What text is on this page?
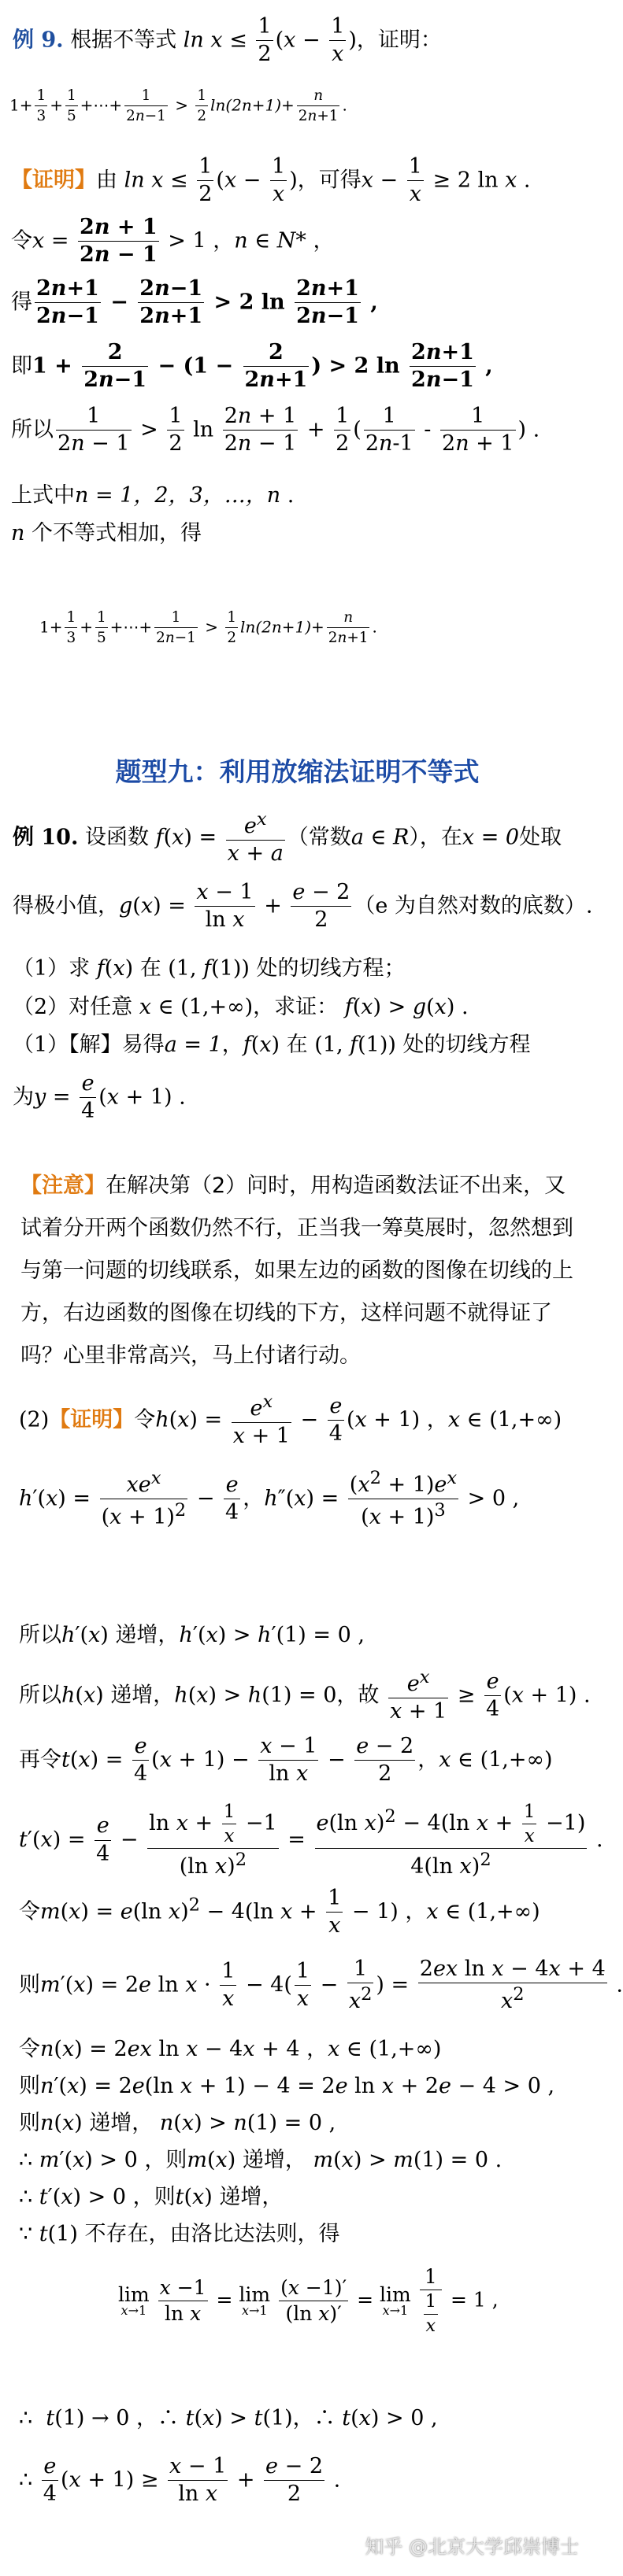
例 9. 根据不等式 $\ln x \le \frac{1}{2} (x - \frac{1}{x}$ )，证明：
$1+ \frac{1}{3} + \frac{1}{5}$ +⋯+ $\frac{1}{2n-1} > \frac{1}{2} \ln(2n+1)+ \frac{n}{2n+1}$ .
【证明】由 $\ln x \le \frac{1}{2} (x - \frac{1}{x}$ )，可得$x - \frac{1}{x} \ge 2$ ln x .
令$x = \frac{2n + 1}{2n - 1} > 1$ ，n ∈ N* ，
得 $\frac{2n+1}{2n-1} - \frac{2n-1}{2n+1} > 2$ $\ln \frac{2n+1}{2n-1}$ ,
即$1 + \frac{2}{2n-1} - (1 - \frac{2}{2n+1}$ ) > 2 $\ln \frac{2n+1}{2n-1}$ ,
所以 $\frac{1}{2n - 1} > \frac{1}{2}$ $\ln \frac{2n + 1}{2n - 1} + \frac{1}{2}$ ( $\frac{1}{2n-1} - \frac{1}{2n + 1}$ ) .
上式中n = 1，2，3，…，n .
n 个不等式相加，得
$1+ \frac{1}{3} + \frac{1}{5}$ +⋯+ $\frac{1}{2n-1} > \frac{1}{2} \ln(2n+1)+ \frac{n}{2n+1}$ .
题型九：利用放缩法证明不等式
例 10. 设函数 $f(x) = \frac{e^x}{x + a}$ （常数a ∈ R），在x = 0处取
得极小值，$g(x) = \frac{x - 1}{\text{ln x}} + \frac{e - 2}{2} (e$ 为自然对数的底数）.
（1）求 f(x) 在 (1, f(1)) 处的切线方程；
（2）对任意 x ∈ (1,+∞)，求证： f(x) > g(x) .
（1）【解】易得a = 1，f(x) 在 (1, f(1)) 处的切线方程
为$y = \frac{e}{4} (x + 1)$ .
【注意】在解决第（2）问时，用构造函数法证不出来，又试着分开两个函数仍然不行，正当我一筹莫展时，忽然想到与第一问题的切线联系，如果左边的函数的图像在切线的上方，右边函数的图像在切线的下方，这样问题不就得证了吗？心里非常高兴，马上付诸行动。
(2)【证明】令$h(x) = \frac{e^x}{x + 1} - \frac{e}{4} (x + 1)$ ，x ∈ (1,+∞)
h′(x) =
$xe^x$
$(x + 1)^2 - \frac{e}{4}$ ，$h''(x) = \frac{(x^2 + 1)e^x}{(x + 1)^3} > 0$ ,
所以h′(x) 递增，h′(x) > h′(1) = 0 ,
所以h(x) 递增，h(x) > h(1) = 0，故 $\frac{e^x}{x + 1} \ge \frac{e}{4} (x + 1)$ .
再令$t(x) = \frac{e}{4} (x + 1) - \frac{x - 1}{\text{ln x}} - \frac{e - 2}{2}$ ，x ∈ (1,+∞)
$t'(x) = \frac{e}{4} - \frac{\ln x + \frac{1}{x} -1}{(\ln x)^2} = \frac{e(\ln x)^2 - 4(\ln x + \frac{1}{x} -1)}{4(\ln x)^2}$ .
令m(x) = e(ln x)$^2$ − 4(ln $x + \frac{1}{x} - 1$) ，x ∈ (1,+∞)
则m′(x) = 2e $\ln x \cdot \frac{1}{x} - 4( \frac{1}{x} - \frac{1}{x^2}$ ) = $\frac{\text{2ex ln x − 4x + 4}}{x^2}$ .
令n(x) = 2ex ln x − 4x + 4 ，x ∈ (1,+∞)
则n′(x) = 2e(ln x + 1) − 4 = 2e ln x + 2e − 4 > 0 ,
则n(x) 递增， n(x) > n(1) = 0 ,
∴ m′(x) > 0 ，则m(x) 递增， m(x) > m(1) = 0 .
∴ t′(x) > 0 ，则t(x) 递增，
∵ t(1) 不存在，由洛比达法则，得
lim
x→1
$\frac{x -1}{\text{ln x}} = \lim$
x→1
$\frac{(x -1)'}{\text{(ln x)′}} = \lim$
x→1
$\frac{1}{\frac{1}{x}} = 1$ ,
∴ t(1) → 0 ，∴ t(x) > t(1)，∴ t(x) > 0 ,
∴ $\frac{e}{4} (x + 1) \ge \frac{x - 1}{\text{ln x}} + \frac{e - 2}{2}$ .
知乎 @北京大学邱崇博士
